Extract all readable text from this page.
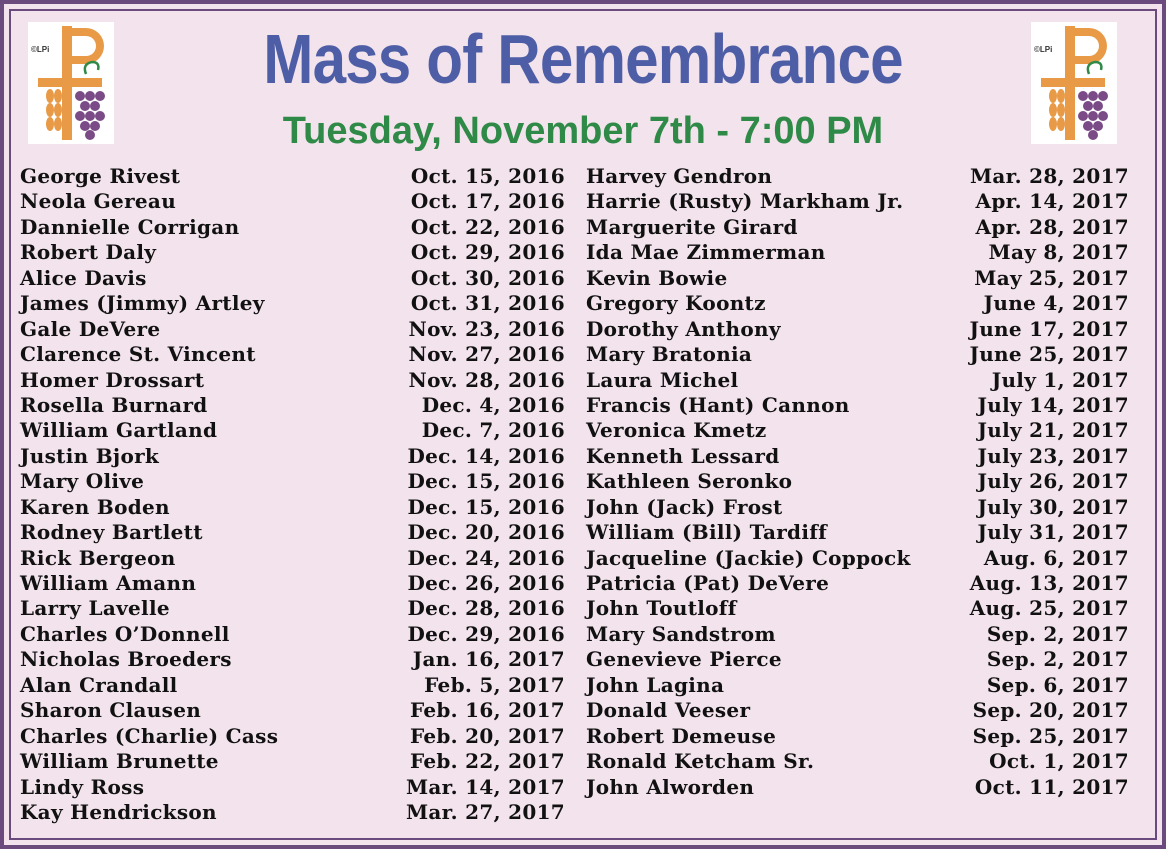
©LPi	©LPi
Mass of Remembrance
Tuesday, November 7th - 7:00 PM
George Rivest	Oct. 15, 2016
Neola Gereau	Oct. 17, 2016
Dannielle Corrigan	Oct. 22, 2016
Robert Daly	Oct. 29, 2016
Alice Davis	Oct. 30, 2016
James (Jimmy) Artley	Oct. 31, 2016
Gale DeVere	Nov. 23, 2016
Clarence St. Vincent	Nov. 27, 2016
Homer Drossart	Nov. 28, 2016
Rosella Burnard	Dec. 4, 2016
William Gartland	Dec. 7, 2016
Justin Bjork	Dec. 14, 2016
Mary Olive	Dec. 15, 2016
Karen Boden	Dec. 15, 2016
Rodney Bartlett	Dec. 20, 2016
Rick Bergeon	Dec. 24, 2016
William Amann	Dec. 26, 2016
Larry Lavelle	Dec. 28, 2016
Charles O’Donnell	Dec. 29, 2016
Nicholas Broeders	Jan. 16, 2017
Alan Crandall	Feb. 5, 2017
Sharon Clausen	Feb. 16, 2017
Charles (Charlie) Cass	Feb. 20, 2017
William Brunette	Feb. 22, 2017
Lindy Ross	Mar. 14, 2017
Kay Hendrickson	Mar. 27, 2017
Harvey Gendron	Mar. 28, 2017
Harrie (Rusty) Markham Jr.	Apr. 14, 2017
Marguerite Girard	Apr. 28, 2017
Ida Mae Zimmerman	May 8, 2017
Kevin Bowie	May 25, 2017
Gregory Koontz	June 4, 2017
Dorothy Anthony	June 17, 2017
Mary Bratonia	June 25, 2017
Laura Michel	July 1, 2017
Francis (Hant) Cannon	July 14, 2017
Veronica Kmetz	July 21, 2017
Kenneth Lessard	July 23, 2017
Kathleen Seronko	July 26, 2017
John (Jack) Frost	July 30, 2017
William (Bill) Tardiff	July 31, 2017
Jacqueline (Jackie) Coppock	Aug. 6, 2017
Patricia (Pat) DeVere	Aug. 13, 2017
John Toutloff	Aug. 25, 2017
Mary Sandstrom	Sep. 2, 2017
Genevieve Pierce	Sep. 2, 2017
John Lagina	Sep. 6, 2017
Donald Veeser	Sep. 20, 2017
Robert Demeuse	Sep. 25, 2017
Ronald Ketcham Sr.	Oct. 1, 2017
John Alworden	Oct. 11, 2017
